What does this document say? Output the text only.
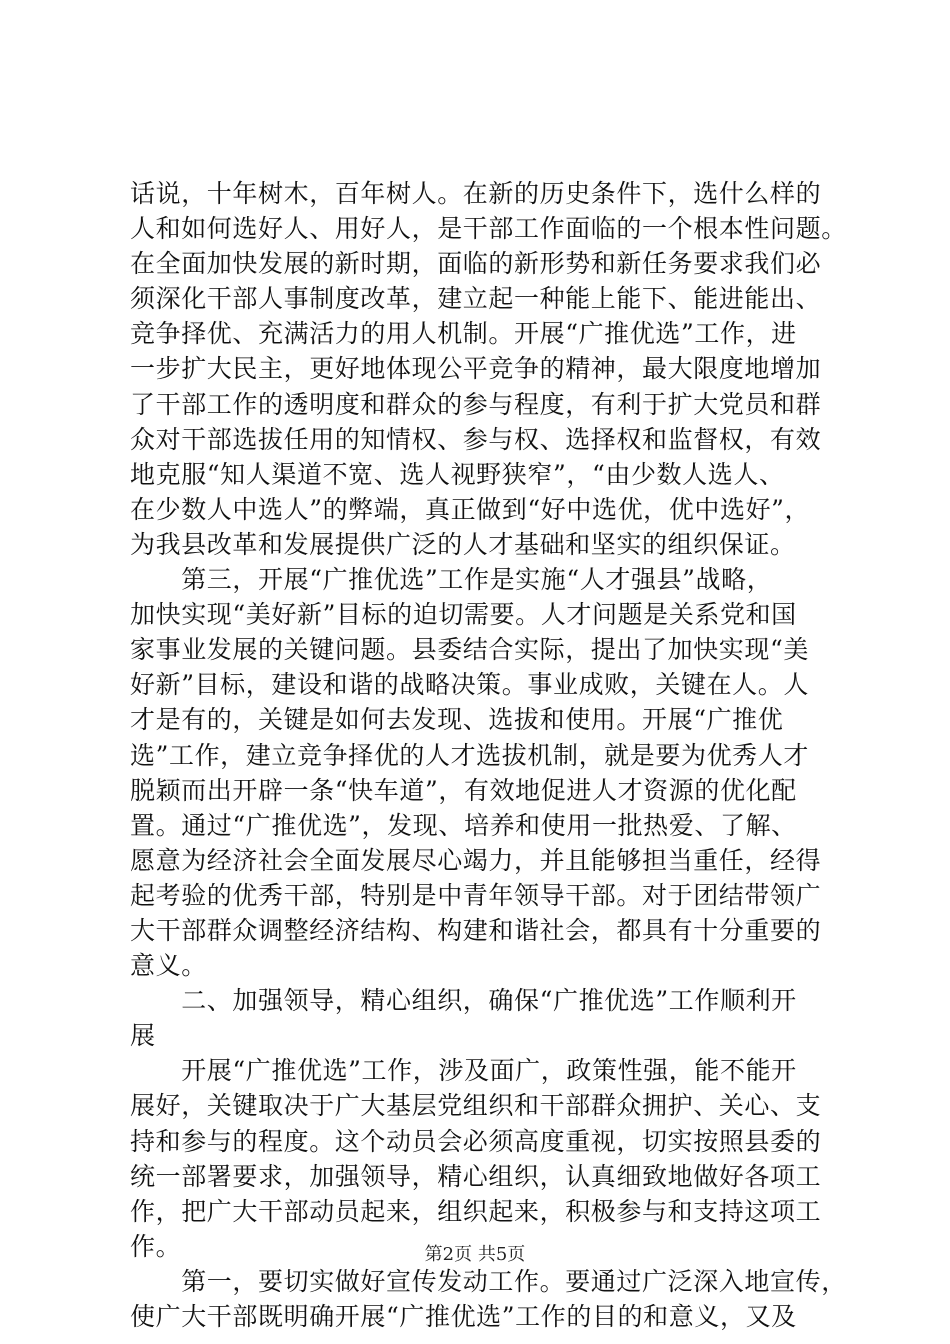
话说，十年树木，百年树人。在新的历史条件下，选什么样的
人和如何选好人、用好人，是干部工作面临的一个根本性问题。
在全面加快发展的新时期，面临的新形势和新任务要求我们必
须深化干部人事制度改革，建立起一种能上能下、能进能出、
竞争择优、充满活力的用人机制。开展“广推优选”工作，进
一步扩大民主，更好地体现公平竞争的精神，最大限度地增加
了干部工作的透明度和群众的参与程度，有利于扩大党员和群
众对干部选拔任用的知情权、参与权、选择权和监督权，有效
地克服“知人渠道不宽、选人视野狭窄”，“由少数人选人、
在少数人中选人”的弊端，真正做到“好中选优，优中选好”，
为我县改革和发展提供广泛的人才基础和坚实的组织保证。
　　第三，开展“广推优选”工作是实施“人才强县”战略，
加快实现“美好新”目标的迫切需要。人才问题是关系党和国
家事业发展的关键问题。县委结合实际，提出了加快实现“美
好新”目标，建设和谐的战略决策。事业成败，关键在人。人
才是有的，关键是如何去发现、选拔和使用。开展“广推优
选”工作，建立竞争择优的人才选拔机制，就是要为优秀人才
脱颖而出开辟一条“快车道”，有效地促进人才资源的优化配
置。通过“广推优选”，发现、培养和使用一批热爱、了解、
愿意为经济社会全面发展尽心竭力，并且能够担当重任，经得
起考验的优秀干部，特别是中青年领导干部。对于团结带领广
大干部群众调整经济结构、构建和谐社会，都具有十分重要的
意义。
　　二、加强领导，精心组织，确保“广推优选”工作顺利开
展
　　开展“广推优选”工作，涉及面广，政策性强，能不能开
展好，关键取决于广大基层党组织和干部群众拥护、关心、支
持和参与的程度。这个动员会必须高度重视，切实按照县委的
统一部署要求，加强领导，精心组织，认真细致地做好各项工
作，把广大干部动员起来，组织起来，积极参与和支持这项工
作。
　　第一，要切实做好宣传发动工作。要通过广泛深入地宣传，
使广大干部既明确开展“广推优选”工作的目的和意义，又及
第2页 共5页
